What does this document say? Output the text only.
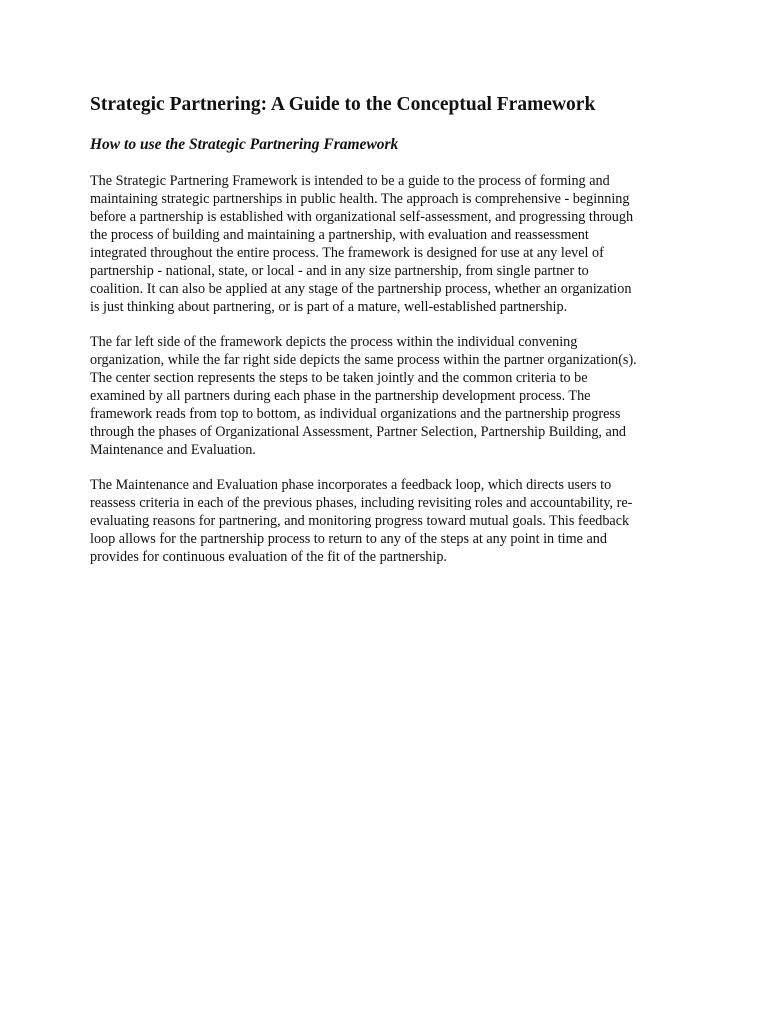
Strategic Partnering: A Guide to the Conceptual Framework
How to use the Strategic Partnering Framework
The Strategic Partnering Framework is intended to be a guide to the process of forming and
maintaining strategic partnerships in public health. The approach is comprehensive - beginning
before a partnership is established with organizational self-assessment, and progressing through
the process of building and maintaining a partnership, with evaluation and reassessment
integrated throughout the entire process. The framework is designed for use at any level of
partnership - national, state, or local - and in any size partnership, from single partner to
coalition. It can also be applied at any stage of the partnership process, whether an organization
is just thinking about partnering, or is part of a mature, well-established partnership.
The far left side of the framework depicts the process within the individual convening
organization, while the far right side depicts the same process within the partner organization(s).
The center section represents the steps to be taken jointly and the common criteria to be
examined by all partners during each phase in the partnership development process. The
framework reads from top to bottom, as individual organizations and the partnership progress
through the phases of Organizational Assessment, Partner Selection, Partnership Building, and
Maintenance and Evaluation.
The Maintenance and Evaluation phase incorporates a feedback loop, which directs users to
reassess criteria in each of the previous phases, including revisiting roles and accountability, re-
evaluating reasons for partnering, and monitoring progress toward mutual goals. This feedback
loop allows for the partnership process to return to any of the steps at any point in time and
provides for continuous evaluation of the fit of the partnership.
